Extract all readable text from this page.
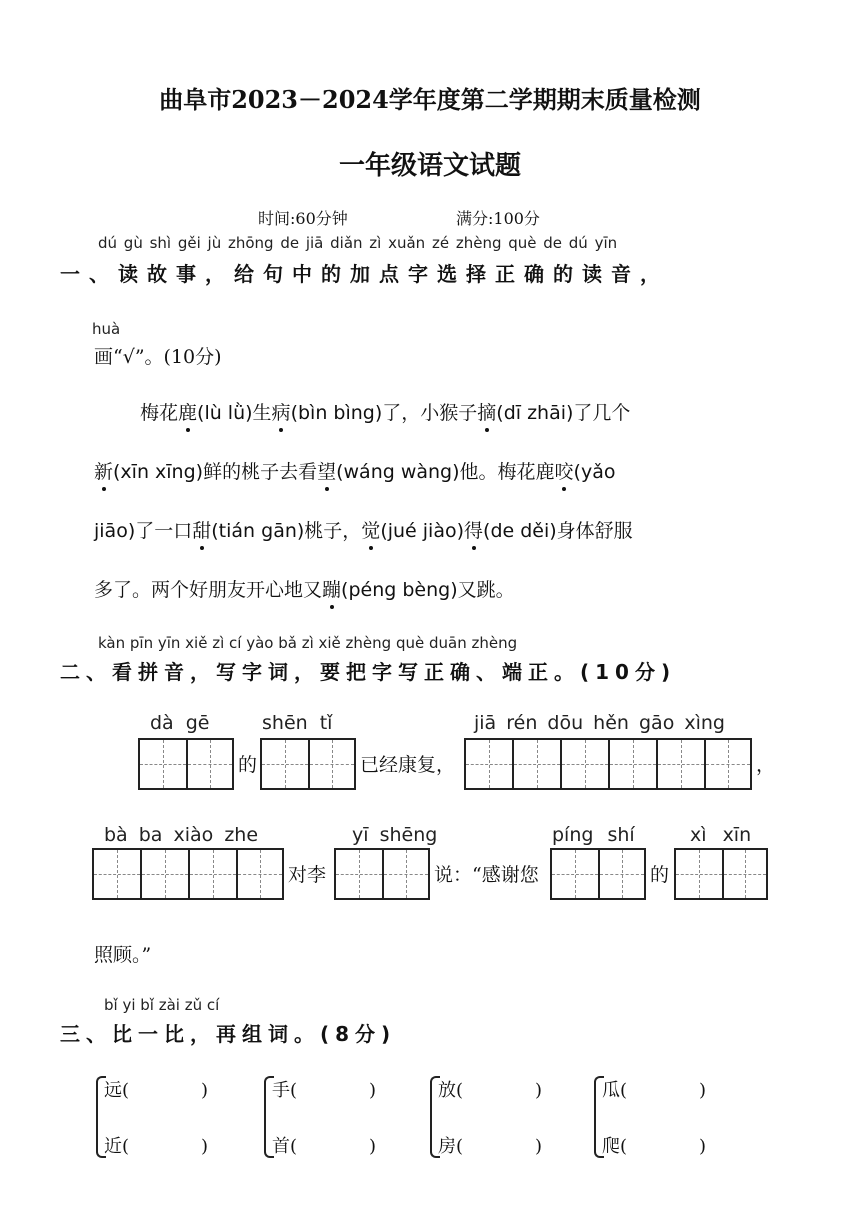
曲阜市2023－2024学年度第二学期期末质量检测
一年级语文试题
时间:60分钟	满分:100分
dú gù shì gěi jù zhōng de jiā diǎn zì xuǎn zé zhèng què de dú yīn
一、读故事，给句中的加点字选择正确的读音，
huà
画“√”。(10分)
梅花鹿(lù lǜ)生病(bìn bìng)了，小猴子摘(dī zhāi)了几个
新(xīn xīng)鲜的桃子去看望(wáng wàng)他。梅花鹿咬(yǎo
jiāo)了一口甜(tián gān)桃子，觉(jué jiào)得(de děi)身体舒服
多了。两个好朋友开心地又蹦(péng bèng)又跳。
kàn pīn yīn xiě zì cí yào bǎ zì xiě zhèng què duān zhèng
二、看拼音，写字词，要把字写正确、端正。(10分)
dà gē	shēn tǐ	jiā rén dōu hěn gāo xìng
的	已经康复，	，
bà ba xiào zhe	yī shēng	píng shí	xì xīn
对李	说：“感谢您	的
照顾。”
bǐ yi bǐ zài zǔ cí
三、比一比，再组词。(8分)
远(　　　　)
近(　　　　)
手(　　　　)
首(　　　　)
放(　　　　)
房(　　　　)
瓜(　　　　)
爬(　　　　)
